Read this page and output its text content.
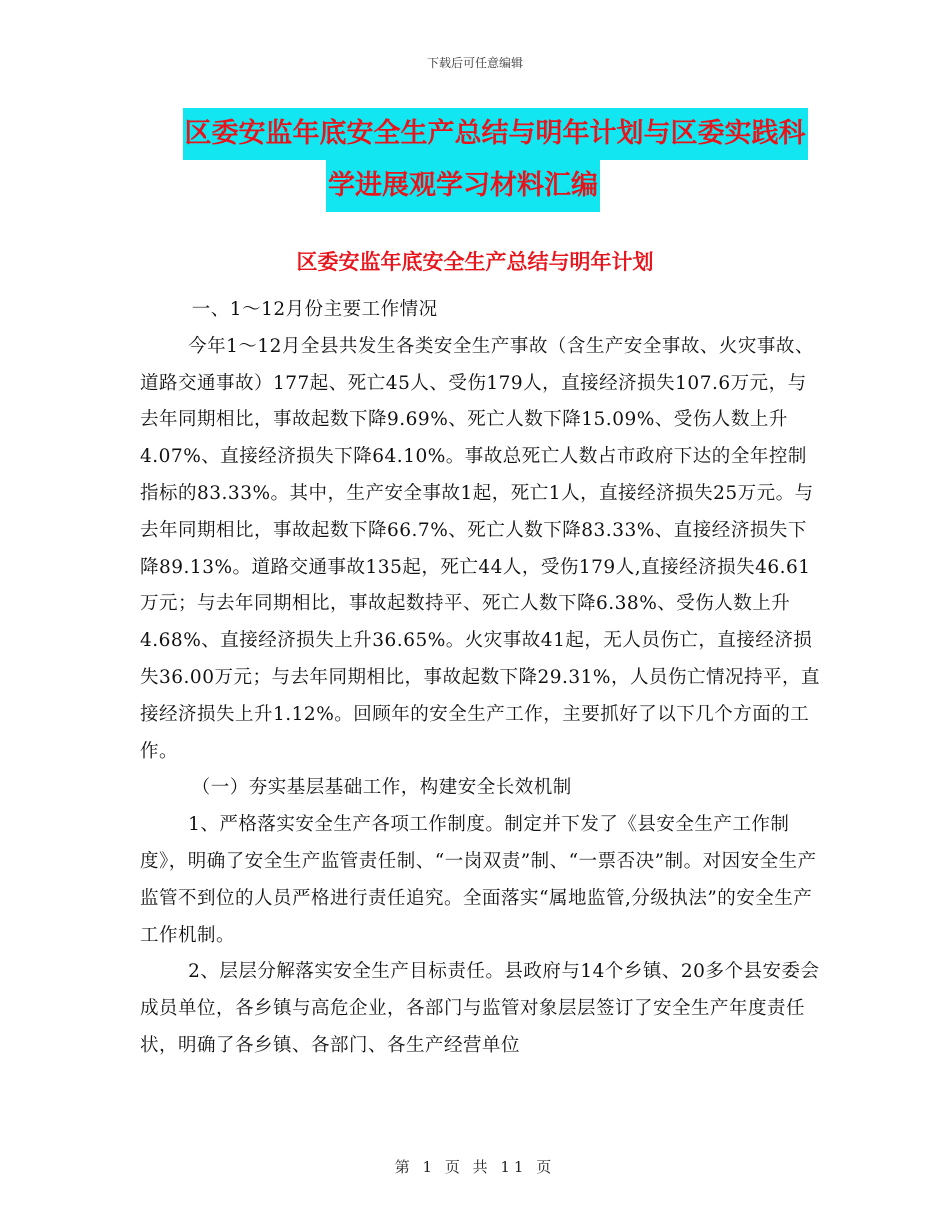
下载后可任意编辑
区委安监年底安全生产总结与明年计划与区委实践科
学进展观学习材料汇编
区委安监年底安全生产总结与明年计划

一、1～12月份主要工作情况

今年1～12月全县共发生各类安全生产事故（含生产安全事故、火灾事故、道路交通事故）177起、死亡45人、受伤179人，直接经济损失107.6万元，与去年同期相比，事故起数下降9.69%、死亡人数下降15.09%、受伤人数上升4.07%、直接经济损失下降64.10%。事故总死亡人数占市政府下达的全年控制指标的83.33%。其中，生产安全事故1起，死亡1人，直接经济损失25万元。与去年同期相比，事故起数下降66.7%、死亡人数下降83.33%、直接经济损失下降89.13%。道路交通事故135起，死亡44人，受伤179人,直接经济损失46.61万元；与去年同期相比，事故起数持平、死亡人数下降6.38%、受伤人数上升4.68%、直接经济损失上升36.65%。火灾事故41起，无人员伤亡，直接经济损失36.00万元；与去年同期相比，事故起数下降29.31%，人员伤亡情况持平，直接经济损失上升1.12%。回顾年的安全生产工作，主要抓好了以下几个方面的工作。

（一）夯实基层基础工作，构建安全长效机制

1、严格落实安全生产各项工作制度。制定并下发了《县安全生产工作制度》，明确了安全生产监管责任制、“一岗双责”制、“一票否决”制。对因安全生产监管不到位的人员严格进行责任追究。全面落实“属地监管,分级执法”的安全生产工作机制。

2、层层分解落实安全生产目标责任。县政府与14个乡镇、20多个县安委会成员单位，各乡镇与高危企业，各部门与监管对象层层签订了安全生产年度责任状，明确了各乡镇、各部门、各生产经营单位

第 1 页 共 11 页
